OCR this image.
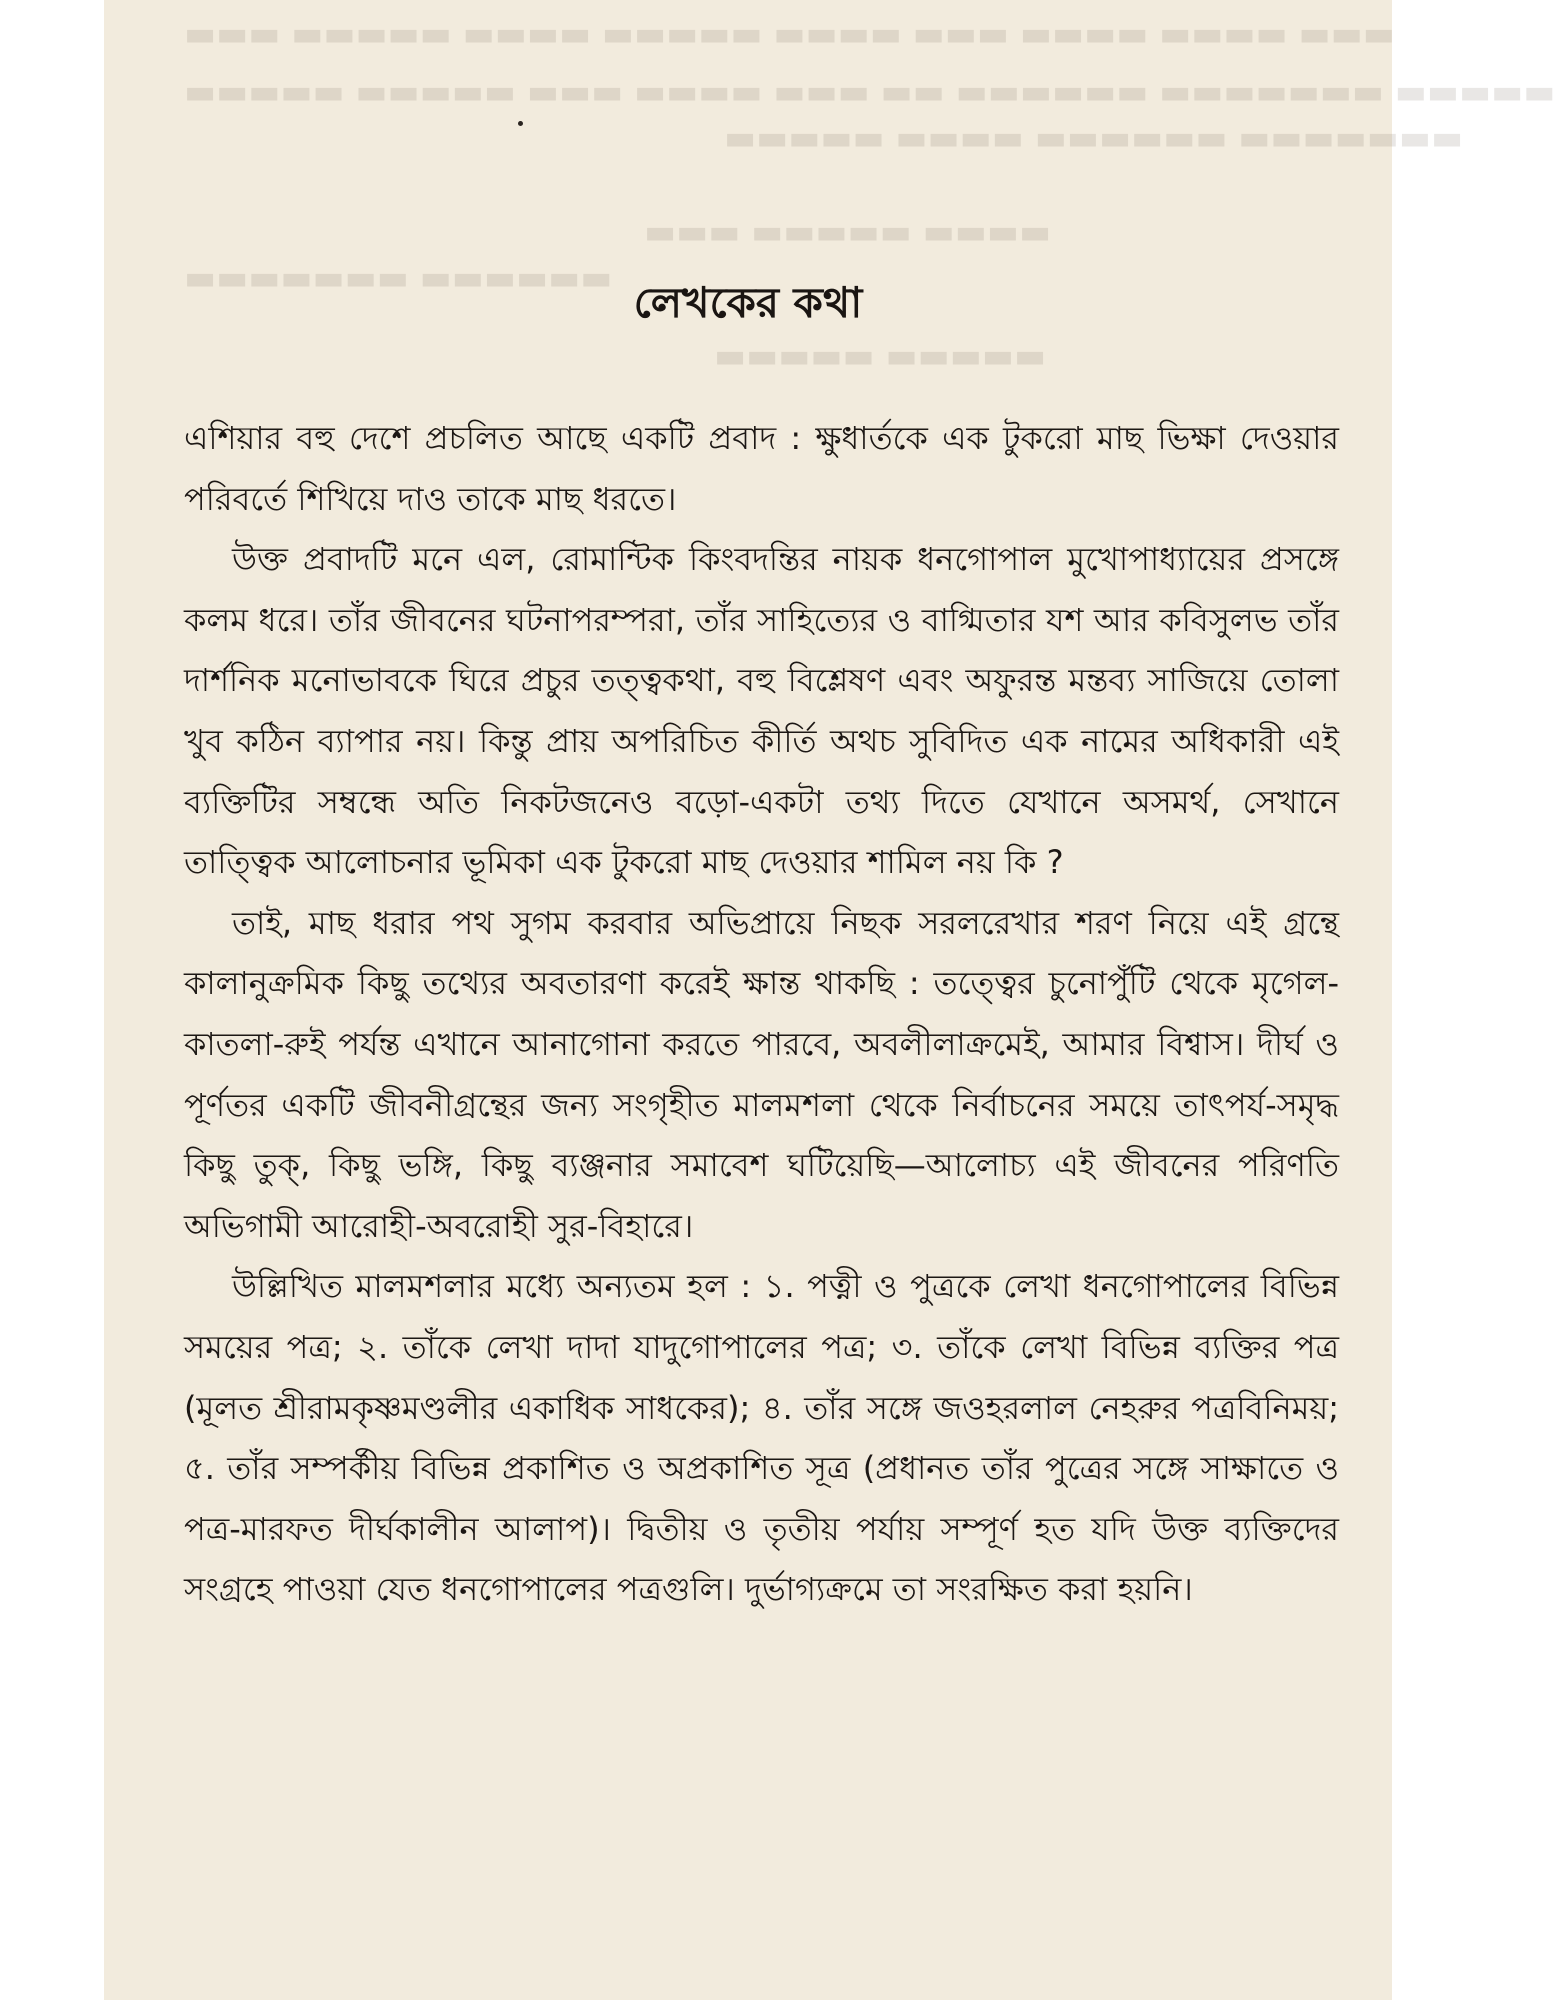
▬▬▬ ▬▬▬▬ ▬▬▬▬ ▬▬▬ ▬▬▬▬ ▬▬▬▬▬ ▬▬▬▬ ▬▬▬▬▬ ▬▬▬
▬▬▬▬▬ ▬▬▬▬▬▬▬ ▬▬▬▬▬▬ ▬▬ ▬▬▬ ▬▬▬▬ ▬▬▬ ▬▬▬▬▬ ▬▬▬▬▬
▬▬▬▬▬▬▬ ▬▬▬▬▬▬ ▬▬▬▬ ▬▬▬▬▬
▬▬▬▬ ▬▬▬▬▬ ▬▬▬
▬▬▬▬▬▬ ▬▬▬▬▬▬▬
▬▬▬▬▬ ▬▬▬▬▬
লেখকের কথা

এশিয়ার বহু দেশে প্রচলিত আছে একটি প্রবাদ : ক্ষুধার্তকে এক টুকরো মাছ ভিক্ষা দেওয়ার পরিবর্তে শিখিয়ে দাও তাকে মাছ ধরতে।

উক্ত প্রবাদটি মনে এল, রোমান্টিক কিংবদন্তির নায়ক ধনগোপাল মুখোপাধ্যায়ের প্রসঙ্গে কলম ধরে। তাঁর জীবনের ঘটনাপরম্পরা, তাঁর সাহিত্যের ও বাগ্মিতার যশ আর কবিসুলভ তাঁর দার্শনিক মনোভাবকে ঘিরে প্রচুর তত্ত্বকথা, বহু বিশ্লেষণ এবং অফুরন্ত মন্তব্য সাজিয়ে তোলা খুব কঠিন ব্যাপার নয়। কিন্তু প্রায় অপরিচিত কীর্তি অথচ সুবিদিত এক নামের অধিকারী এই ব্যক্তিটির সম্বন্ধে অতি নিকটজনেও বড়ো-একটা তথ্য দিতে যেখানে অসমর্থ, সেখানে তাত্ত্বিক আলোচনার ভূমিকা এক টুকরো মাছ দেওয়ার শামিল নয় কি ?

তাই, মাছ ধরার পথ সুগম করবার অভিপ্রায়ে নিছক সরলরেখার শরণ নিয়ে এই গ্রন্থে কালানুক্রমিক কিছু তথ্যের অবতারণা করেই ক্ষান্ত থাকছি : তত্ত্বের চুনোপুঁটি থেকে মৃগেল-কাতলা-রুই পর্যন্ত এখানে আনাগোনা করতে পারবে, অবলীলাক্রমেই, আমার বিশ্বাস। দীর্ঘ ও পূর্ণতর একটি জীবনীগ্রন্থের জন্য সংগৃহীত মালমশলা থেকে নির্বাচনের সময়ে তাৎপর্য-সমৃদ্ধ কিছু তুক্, কিছু ভঙ্গি, কিছু ব্যঞ্জনার সমাবেশ ঘটিয়েছি—আলোচ্য এই জীবনের পরিণতি অভিগামী আরোহী-অবরোহী সুর-বিহারে।

উল্লিখিত মালমশলার মধ্যে অন্যতম হল : ১. পত্নী ও পুত্রকে লেখা ধনগোপালের বিভিন্ন সময়ের পত্র; ২. তাঁকে লেখা দাদা যাদুগোপালের পত্র; ৩. তাঁকে লেখা বিভিন্ন ব্যক্তির পত্র (মূলত শ্রীরামকৃষ্ণমণ্ডলীর একাধিক সাধকের); ৪. তাঁর সঙ্গে জওহরলাল নেহরুর পত্রবিনিময়; ৫. তাঁর সম্পর্কীয় বিভিন্ন প্রকাশিত ও অপ্রকাশিত সূত্র (প্রধানত তাঁর পুত্রের সঙ্গে সাক্ষাতে ও পত্র-মারফত দীর্ঘকালীন আলাপ)। দ্বিতীয় ও তৃতীয় পর্যায় সম্পূর্ণ হত যদি উক্ত ব্যক্তিদের সংগ্রহে পাওয়া যেত ধনগোপালের পত্রগুলি। দুর্ভাগ্যক্রমে তা সংরক্ষিত করা হয়নি।
